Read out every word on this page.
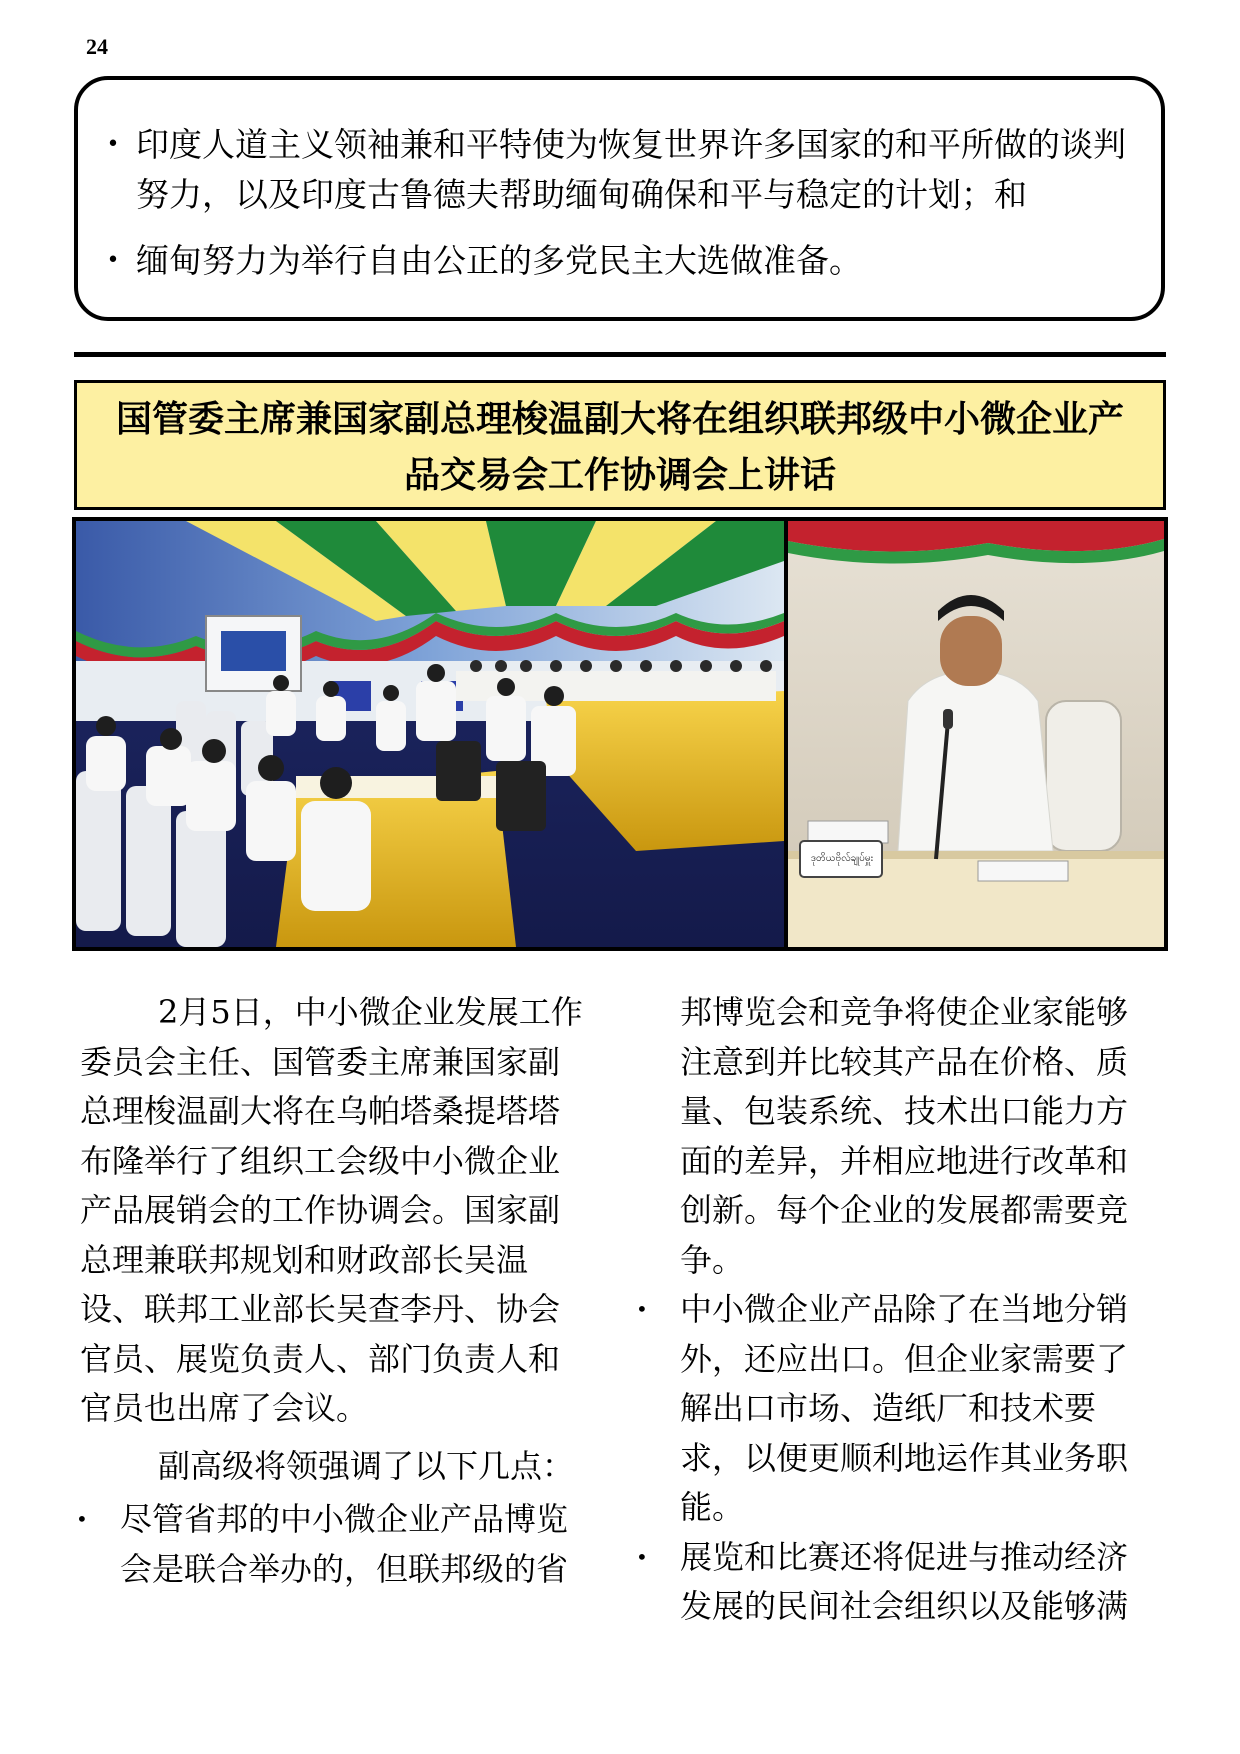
24
• 印度人道主义领袖兼和平特使为恢复世界许多国家的和平所做的谈判
努力，以及印度古鲁德夫帮助缅甸确保和平与稳定的计划；和
• 缅甸努力为举行自由公正的多党民主大选做准备。
国管委主席兼国家副总理梭温副大将在组织联邦级中小微企业产
品交易会工作协调会上讲话
ဒုတိယဗိုလ်ချုပ်မှူး
2月5日，中小微企业发展工作
委员会主任、国管委主席兼国家副
总理梭温副大将在乌帕塔桑提塔塔
布隆举行了组织工会级中小微企业
产品展销会的工作协调会。国家副
总理兼联邦规划和财政部长吴温
设、联邦工业部长吴查李丹、协会
官员、展览负责人、部门负责人和
官员也出席了会议。
副高级将领强调了以下几点：
• 尽管省邦的中小微企业产品博览
会是联合举办的，但联邦级的省
邦博览会和竞争将使企业家能够
注意到并比较其产品在价格、质
量、包装系统、技术出口能力方
面的差异，并相应地进行改革和
创新。每个企业的发展都需要竞
争。
• 中小微企业产品除了在当地分销
外，还应出口。但企业家需要了
解出口市场、造纸厂和技术要
求，以便更顺利地运作其业务职
能。
• 展览和比赛还将促进与推动经济
发展的民间社会组织以及能够满
